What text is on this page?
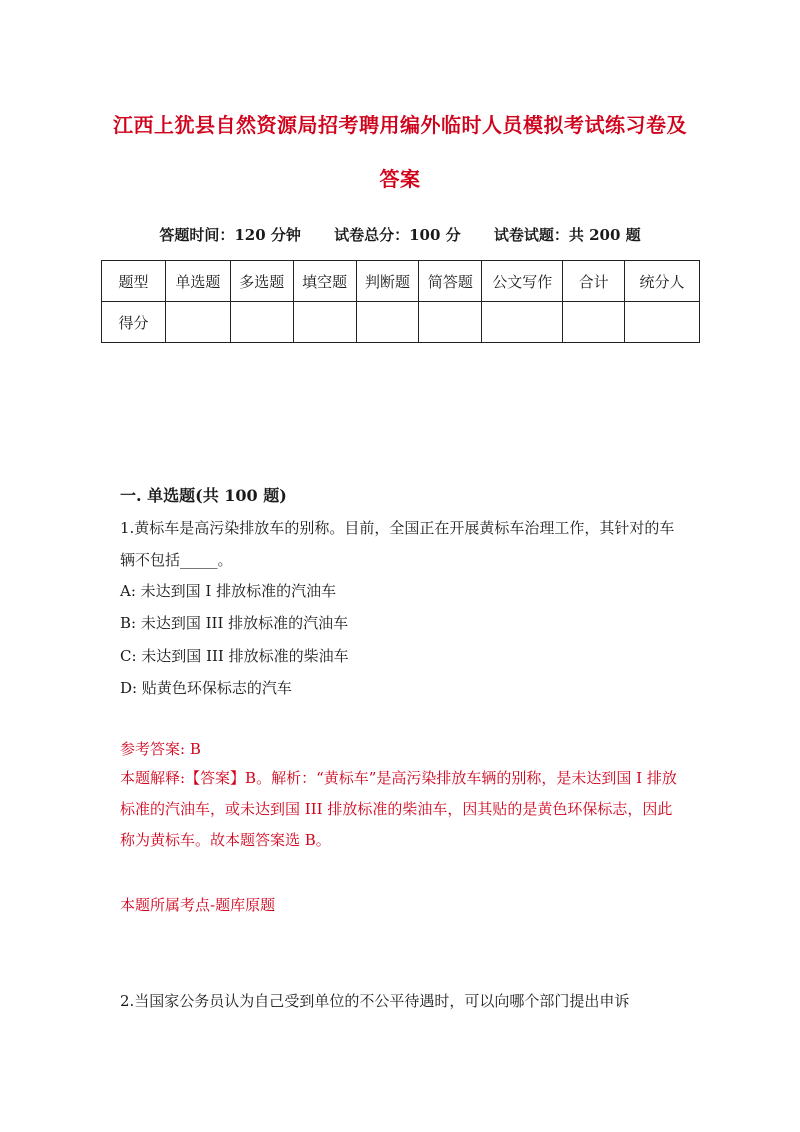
江西上犹县自然资源局招考聘用编外临时人员模拟考试练习卷及答案
答题时间：120 分钟 试卷总分：100 分 试卷试题：共 200 题
题型	单选题	多选题	填空题	判断题	简答题	公文写作	合计	统分人
得分								
一. 单选题(共 100 题)
1.黄标车是高污染排放车的别称。目前，全国正在开展黄标车治理工作，其针对的车辆不包括_____。
A: 未达到国 I 排放标准的汽油车
B: 未达到国 III 排放标准的汽油车
C: 未达到国 III 排放标准的柴油车
D: 贴黄色环保标志的汽车
参考答案: B
本题解释:【答案】B。解析：“黄标车”是高污染排放车辆的别称，是未达到国 I 排放标准的汽油车，或未达到国 III 排放标准的柴油车，因其贴的是黄色环保标志，因此称为黄标车。故本题答案选 B。
本题所属考点-题库原题
2.当国家公务员认为自己受到单位的不公平待遇时，可以向哪个部门提出申诉
